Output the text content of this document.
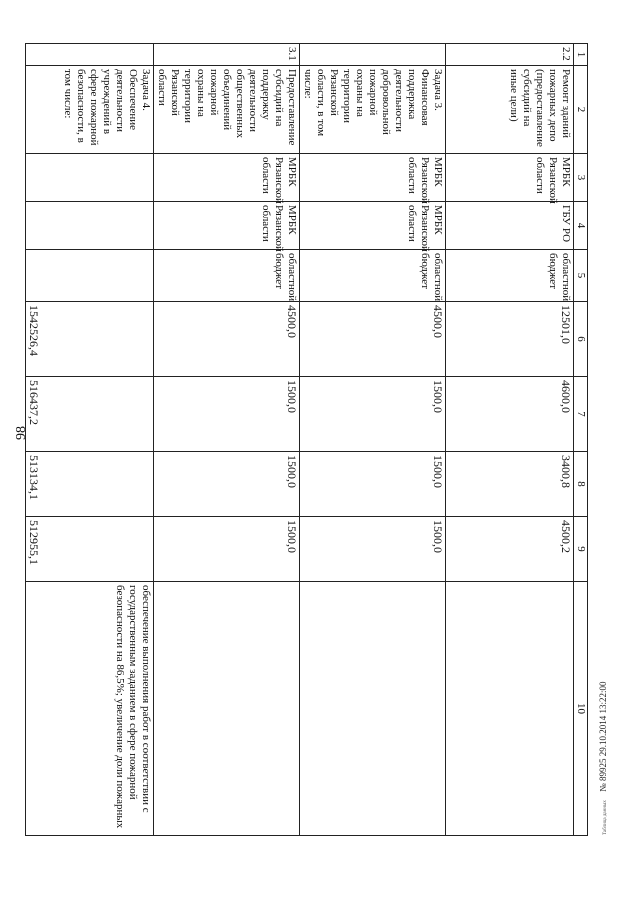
98
1	2	3	4	5	6	7	8	9	10
2.2	Ремонт зданий пожарных депо (предоставление субсидий на иные цели)	МРБК Рязанской области	ГБУ РО	областной бюджет	12501,0	4600,0	3400,8	4500,2	
	Задача 3. Финансовая поддержка деятельности добровольной пожарной охраны на территории Рязанской области, в том числе:	МРБК Рязанской области	МРБК Рязанской области	областной бюджет	4500,0	1500,0	1500,0	1500,0	
3.1	Предоставление субсидий на поддержку деятельности общественных объединений пожарной охраны на территории Рязанской области	МРБК Рязанской области	МРБК Рязанской области	областной бюджет	4500,0	1500,0	1500,0	1500,0	
	Задача 4. Обеспечение деятельности учреждений в сфере пожарной безопасности, в том числе:				1542526,4	516437,2	513134,1	512955,1	обеспечение выполнения работ в соответствии с государственным заданием в сфере пожарной безопасности на 86,5%; увеличение доли пожарных	Таблица данных № 89925 29.10.2014 13:22:00
